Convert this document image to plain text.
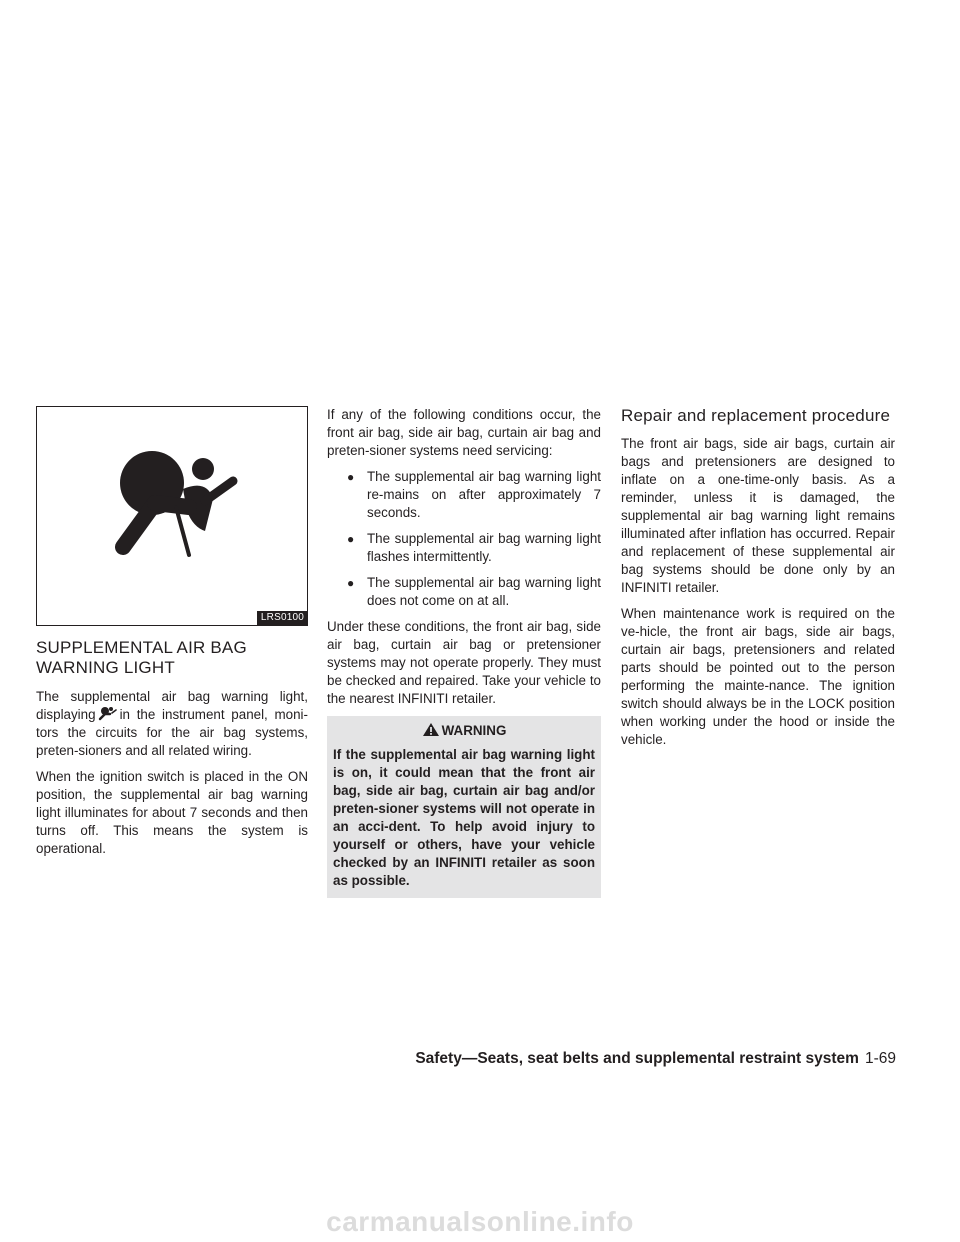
LRS0100
SUPPLEMENTAL AIR BAG
WARNING LIGHT

The supplemental air bag warning light, displaying in the instrument panel, moni-tors the circuits for the air bag systems, preten-sioners and all related wiring.

When the ignition switch is placed in the ON position, the supplemental air bag warning light illuminates for about 7 seconds and then turns off. This means the system is operational.

If any of the following conditions occur, the front air bag, side air bag, curtain air bag and preten-sioner systems need servicing:

● The supplemental air bag warning light re-mains on after approximately 7 seconds.
● The supplemental air bag warning light flashes intermittently.
● The supplemental air bag warning light does not come on at all.

Under these conditions, the front air bag, side air bag, curtain air bag or pretensioner systems may not operate properly. They must be checked and repaired. Take your vehicle to the nearest INFINITI retailer.

WARNING
If the supplemental air bag warning light is on, it could mean that the front air bag, side air bag, curtain air bag and/or preten-sioner systems will not operate in an acci-dent. To help avoid injury to yourself or others, have your vehicle checked by an INFINITI retailer as soon as possible.
Repair and replacement procedure

The front air bags, side air bags, curtain air bags and pretensioners are designed to inflate on a one-time-only basis. As a reminder, unless it is damaged, the supplemental air bag warning light remains illuminated after inflation has occurred. Repair and replacement of these supplemental air bag systems should be done only by an INFINITI retailer.

When maintenance work is required on the ve-hicle, the front air bags, side air bags, curtain air bags, pretensioners and related parts should be pointed out to the person performing the mainte-nance. The ignition switch should always be in the LOCK position when working under the hood or inside the vehicle.

Safety—Seats, seat belts and supplemental restraint system 1-69
carmanualsonline.info
